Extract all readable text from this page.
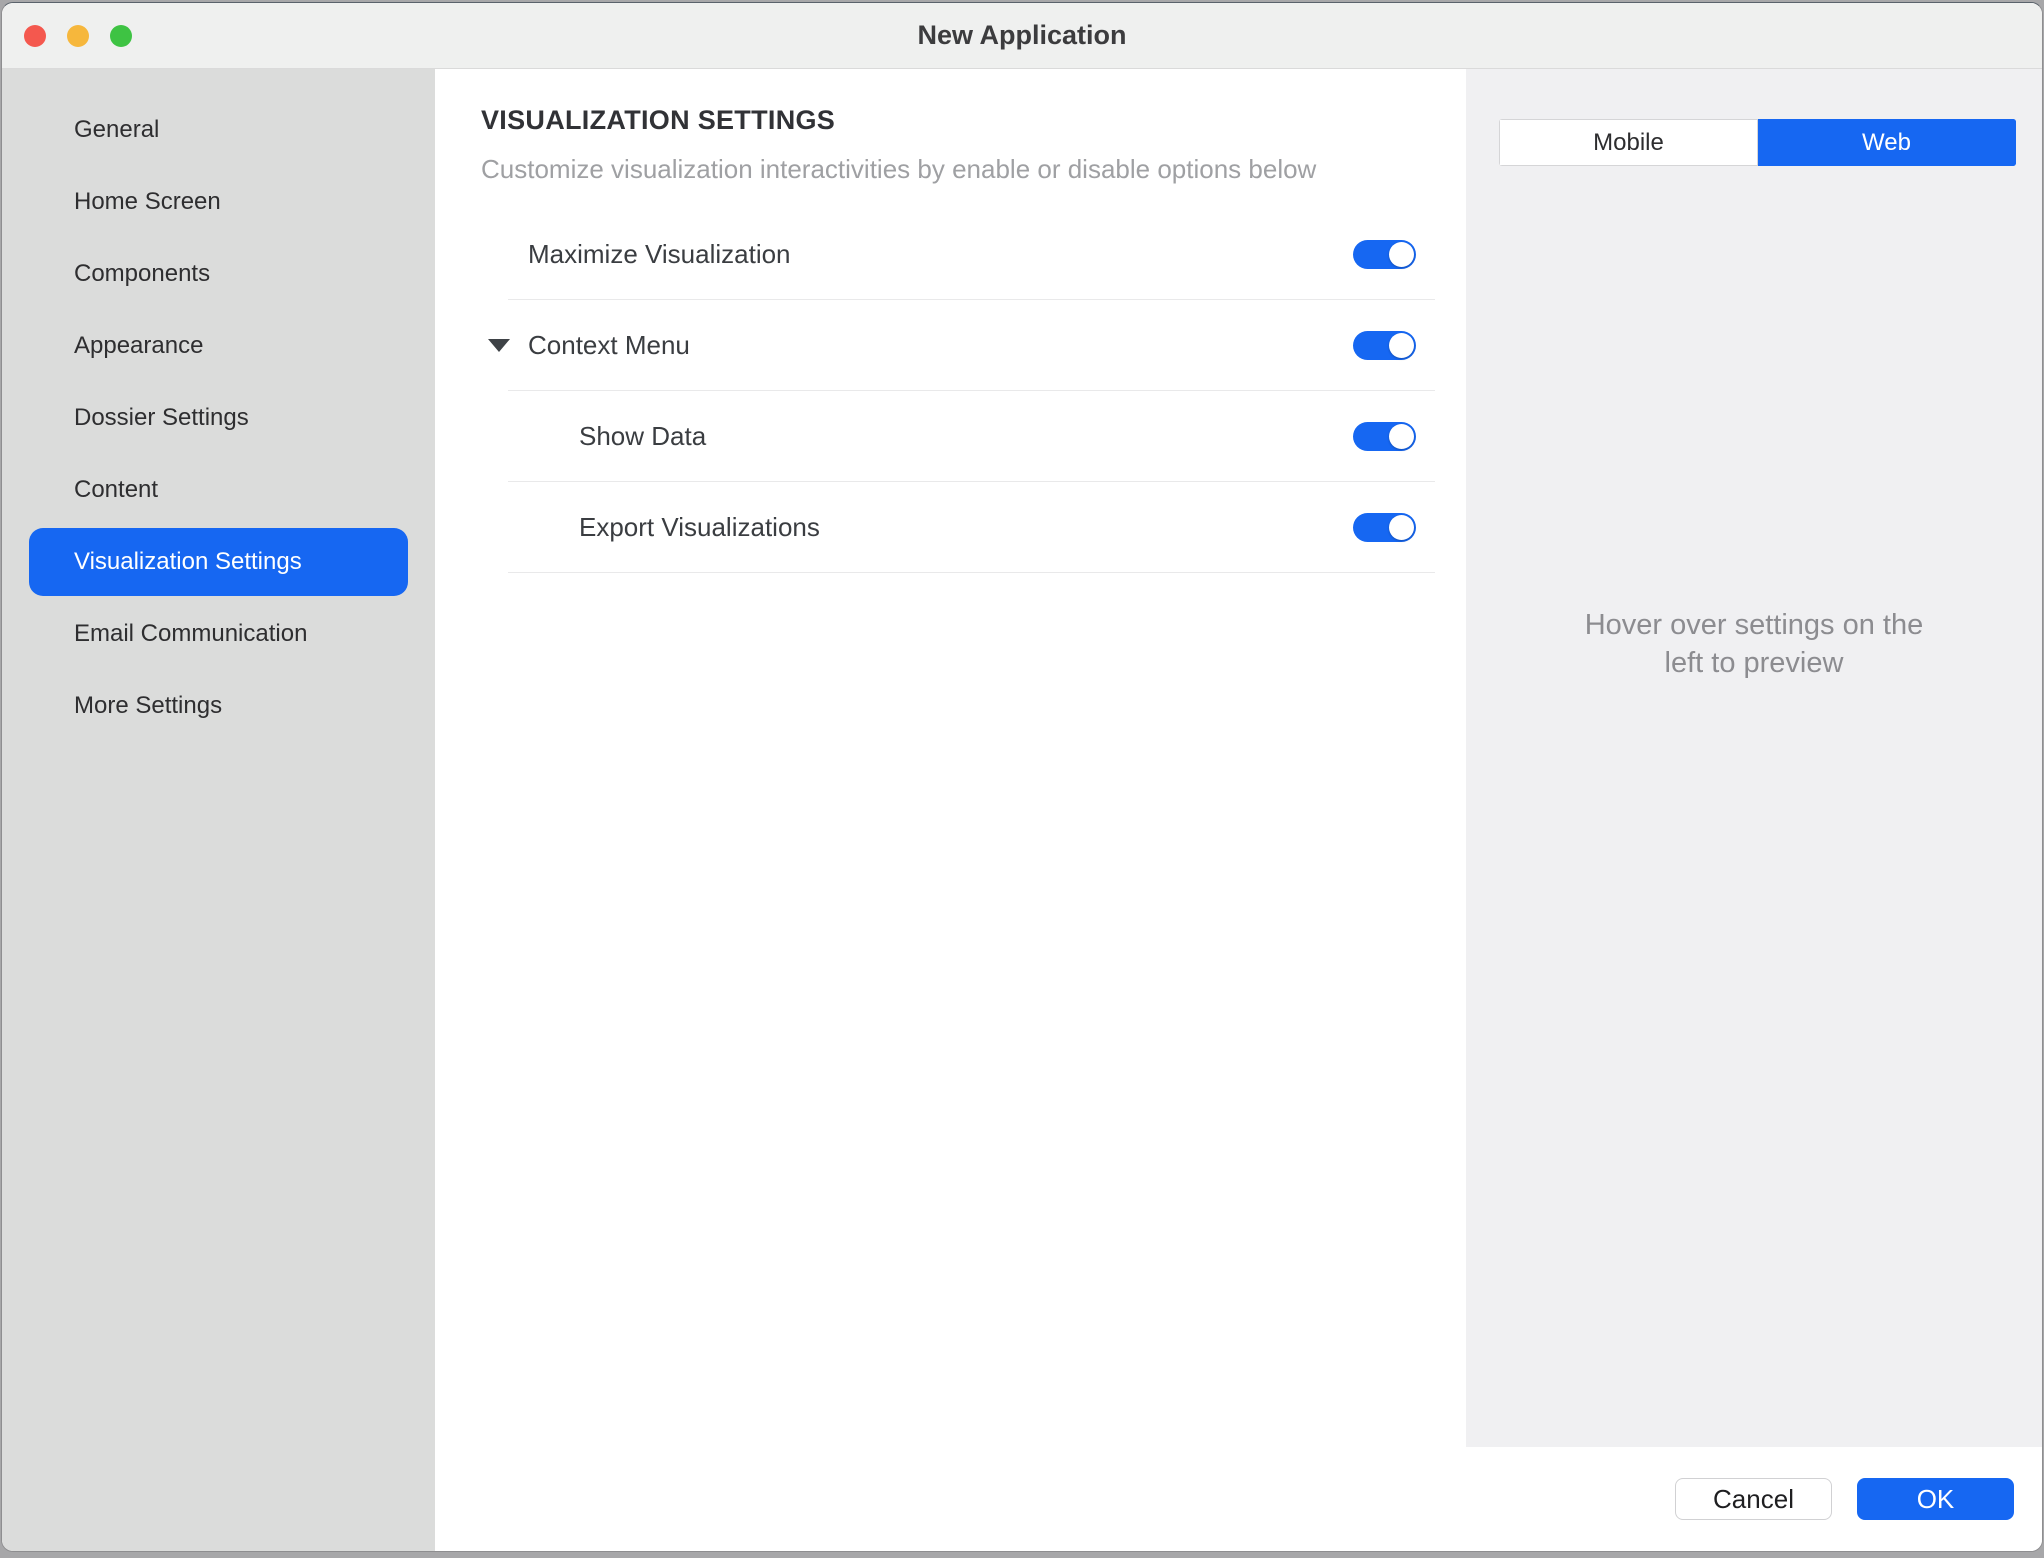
New Application
General
Home Screen
Components
Appearance
Dossier Settings
Content
Visualization Settings
Email Communication
More Settings
VISUALIZATION SETTINGS
Customize visualization interactivities by enable or disable options below
Maximize Visualization
Context Menu
Show Data
Export Visualizations
Mobile	Web
Hover over settings on the
left to preview
Cancel	OK
